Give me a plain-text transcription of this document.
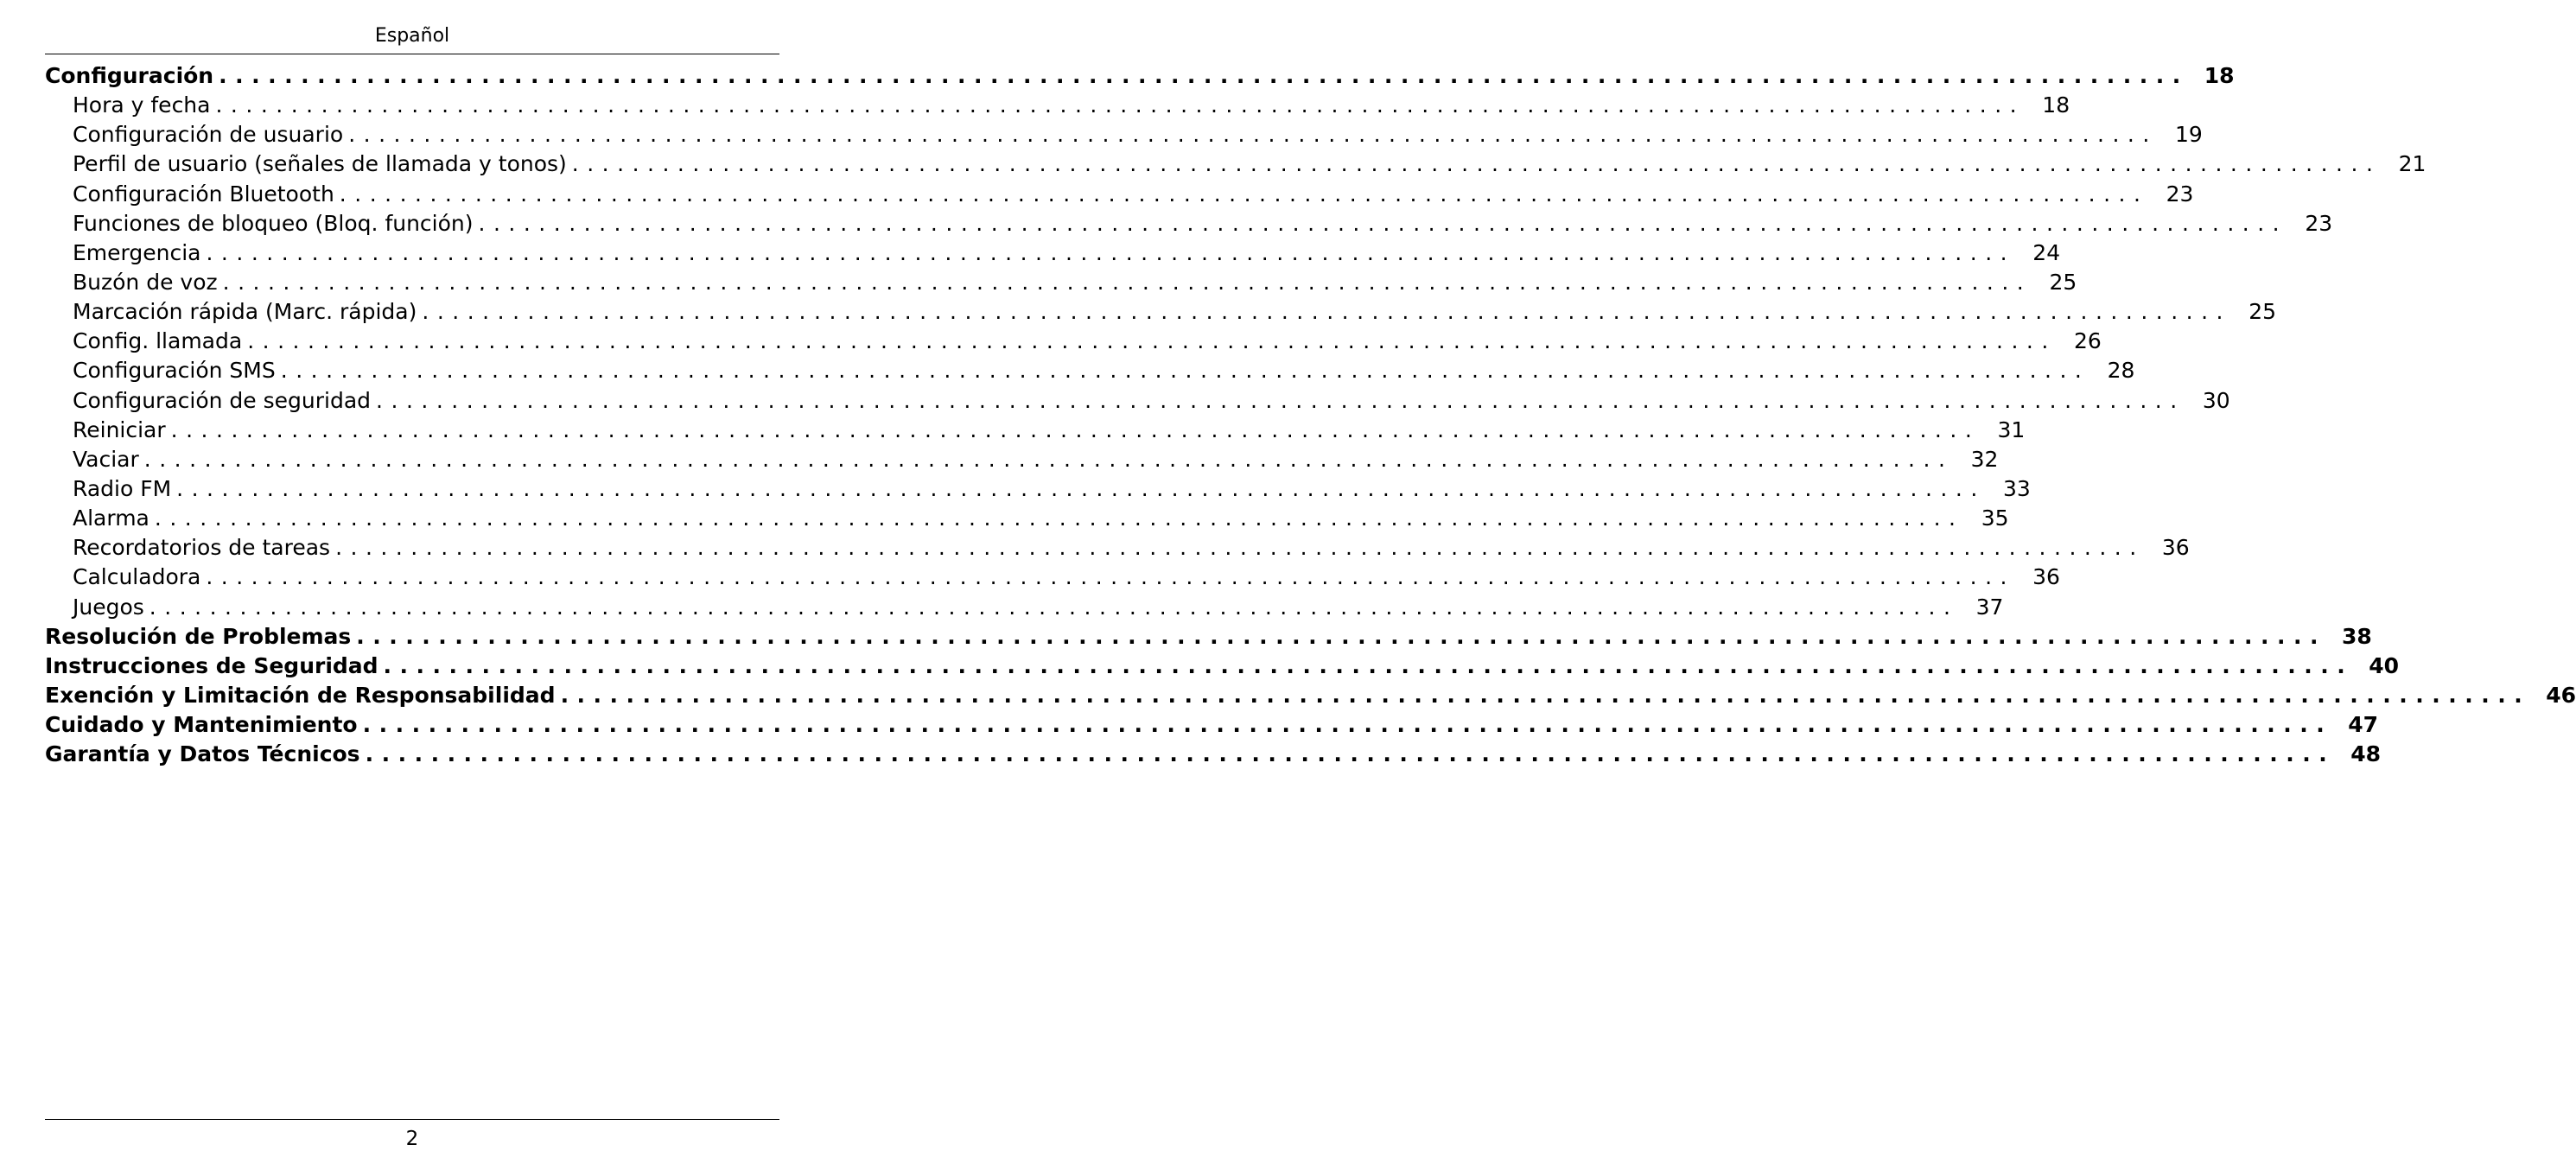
Español
Configuración ........................................................................................................................ 18
Hora y fecha ........................................................................................................................ 18
Configuración de usuario ........................................................................................................................ 19
Perfil de usuario (señales de llamada y tonos) ........................................................................................................................ 21
Configuración Bluetooth ........................................................................................................................ 23
Funciones de bloqueo (Bloq. función) ........................................................................................................................ 23
Emergencia ........................................................................................................................ 24
Buzón de voz ........................................................................................................................ 25
Marcación rápida (Marc. rápida) ........................................................................................................................ 25
Config. llamada ........................................................................................................................ 26
Configuración SMS ........................................................................................................................ 28
Configuración de seguridad ........................................................................................................................ 30
Reiniciar ........................................................................................................................ 31
Vaciar ........................................................................................................................ 32
Radio FM ........................................................................................................................ 33
Alarma ........................................................................................................................ 35
Recordatorios de tareas ........................................................................................................................ 36
Calculadora ........................................................................................................................ 36
Juegos ........................................................................................................................ 37
Resolución de Problemas ........................................................................................................................ 38
Instrucciones de Seguridad ........................................................................................................................ 40
Exención y Limitación de Responsabilidad ........................................................................................................................ 46
Cuidado y Mantenimiento ........................................................................................................................ 47
Garantía y Datos Técnicos ........................................................................................................................ 48
2
